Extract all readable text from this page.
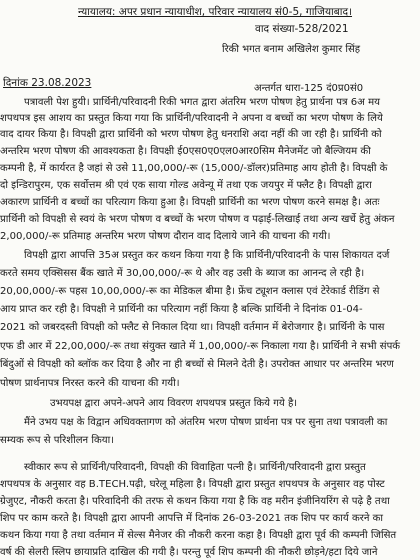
न्यायालय: अपर प्रधान न्यायाधीश, परिवार न्यायालय सं0-5, गाजियाबाद।
वाद संख्या-528/2021
रिकी भगत बनाम अखिलेश कुमार सिंह
दिनांक 23.08.2023	अन्तर्गत धारा-125 दं0प्र0सं0
पत्रावली पेश हुयी। प्रार्थिनी/परिवादनी रिकी भगत द्वारा अंतरिम भरण पोषण हेतु प्रार्थना पत्र 6अ मय
शपथपत्र इस आशय का प्रस्तुत किया गया कि प्रार्थिनी/परिवादनी ने अपना व बच्चों का भरण पोषण के लिये
वाद दायर किया है। विपक्षी द्वारा प्रार्थिनी को भरण पोषण हेतु धनराशि अदा नहीं की जा रही है। प्रार्थिनी को
अन्तरिम भरण पोषण की आवश्यकता है। विपक्षी ई0एस0ए0एल0आर0सिम मैनेजमेंट जो बैल्जियम की
कम्पनी है, में कार्यरत है जहां से उसे 11,00,000/-रू (15,000/-डॉलर)प्रतिमाह आय होती है। विपक्षी के
दो इन्डिरापुरम, एक सर्वोत्तम श्री एवं एक साया गोल्ड अवेन्यू में तथा एक जयपुर में फ्लैट है। विपक्षी द्वारा
अकारण प्रार्थिनी व बच्चों का परित्याग किया हुआ है। विपक्षी प्रार्थिनी का भरण पोषण करने समक्ष है। अतः
प्रार्थिनी को विपक्षी से स्वयं के भरण पोषण व बच्चों के भरण पोषण व पढ़ाई-लिखाई तथा अन्य खर्चे हेतु अंकन
2,00,000/-रू प्रतिमाह अन्तरिम भरण पोषण दौरान वाद दिलाये जाने की याचना की गयी।
विपक्षी द्वारा आपत्ति 35अ प्रस्तुत कर कथन किया गया है कि प्रार्थिनी/परिवादनी के पास शिकायत दर्ज
करते समय एक्सिसस बैंक खाते में 30,00,000/-रू थे और वह उसी के ब्याज का आनन्द ले रही है।
20,00,000/-रू पहस 10,00,000/-रू का मेडिकल बीमा है। फ्रेंच ट्यूशन क्लास एवं टेरेकार्ड रीडिंग से
आय प्राप्त कर रही है। विपक्षी ने प्रार्थिनी का परित्याग नहीं किया है बल्कि प्रार्थिनी ने दिनांक 01-04-
2021 को जबरदस्ती विपक्षी को फ्लैट से निकाल दिया था। विपक्षी वर्तमान में बेरोजगार है। प्रार्थिनी के पास
एफ डी आर में 22,00,000/-रू तथा संयुक्त खाते में 1,00,000/-रू निकाला गया है। प्रार्थिनी ने सभी संपर्क
बिंदुओं से विपक्षी को ब्लॉक कर दिया है और ना ही बच्चों से मिलने देती है। उपरोक्त आधार पर अन्तरिम भरण
पोषण प्रार्थनापत्र निरस्त करने की याचना की गयी।
उभयपक्ष द्वारा अपने-अपने आय विवरण शपथपत्र प्रस्तुत किये गये है।
मैंने उभय पक्ष के विद्वान अधिवक्तागण को अंतरिम भरण पोषण प्रार्थना पत्र पर सुना तथा पत्रावली का
सम्यक रूप से परिशीलन किया।
स्वीकार रूप से प्रार्थिनी/परिवादनी, विपक्षी की विवाहिता पत्नी है। प्रार्थिनी/परिवादनी द्वारा प्रस्तुत
शपथपत्र के अनुसार वह B.TECH.पढ़ी, घरेलू महिला है। विपक्षी द्वारा प्रस्तुत शपथपत्र के अनुसार वह पोस्ट
ग्रेजुएट, नौकरी करता है। परिवादिनी की तरफ से कथन किया गया है कि वह मरीन इंजीनियरिंग से पढ़े है तथा
शिप पर काम करते है। विपक्षी द्वारा आपनी आपत्ति में दिनांक 26-03-2021 तक शिप पर कार्य करने का
कथन किया गया है तथा वर्तमान में सेल्स मैनेजर की नौकरी करना कहा है। विपक्षी द्वारा पूर्व की कम्पनी जिसित
वर्ष की सेलरी स्लिप छायाप्रति दाखिल की गयी है। परन्तु पूर्व शिप कम्पनी की नौकरी छोड़ने/हटा दिये जाने
